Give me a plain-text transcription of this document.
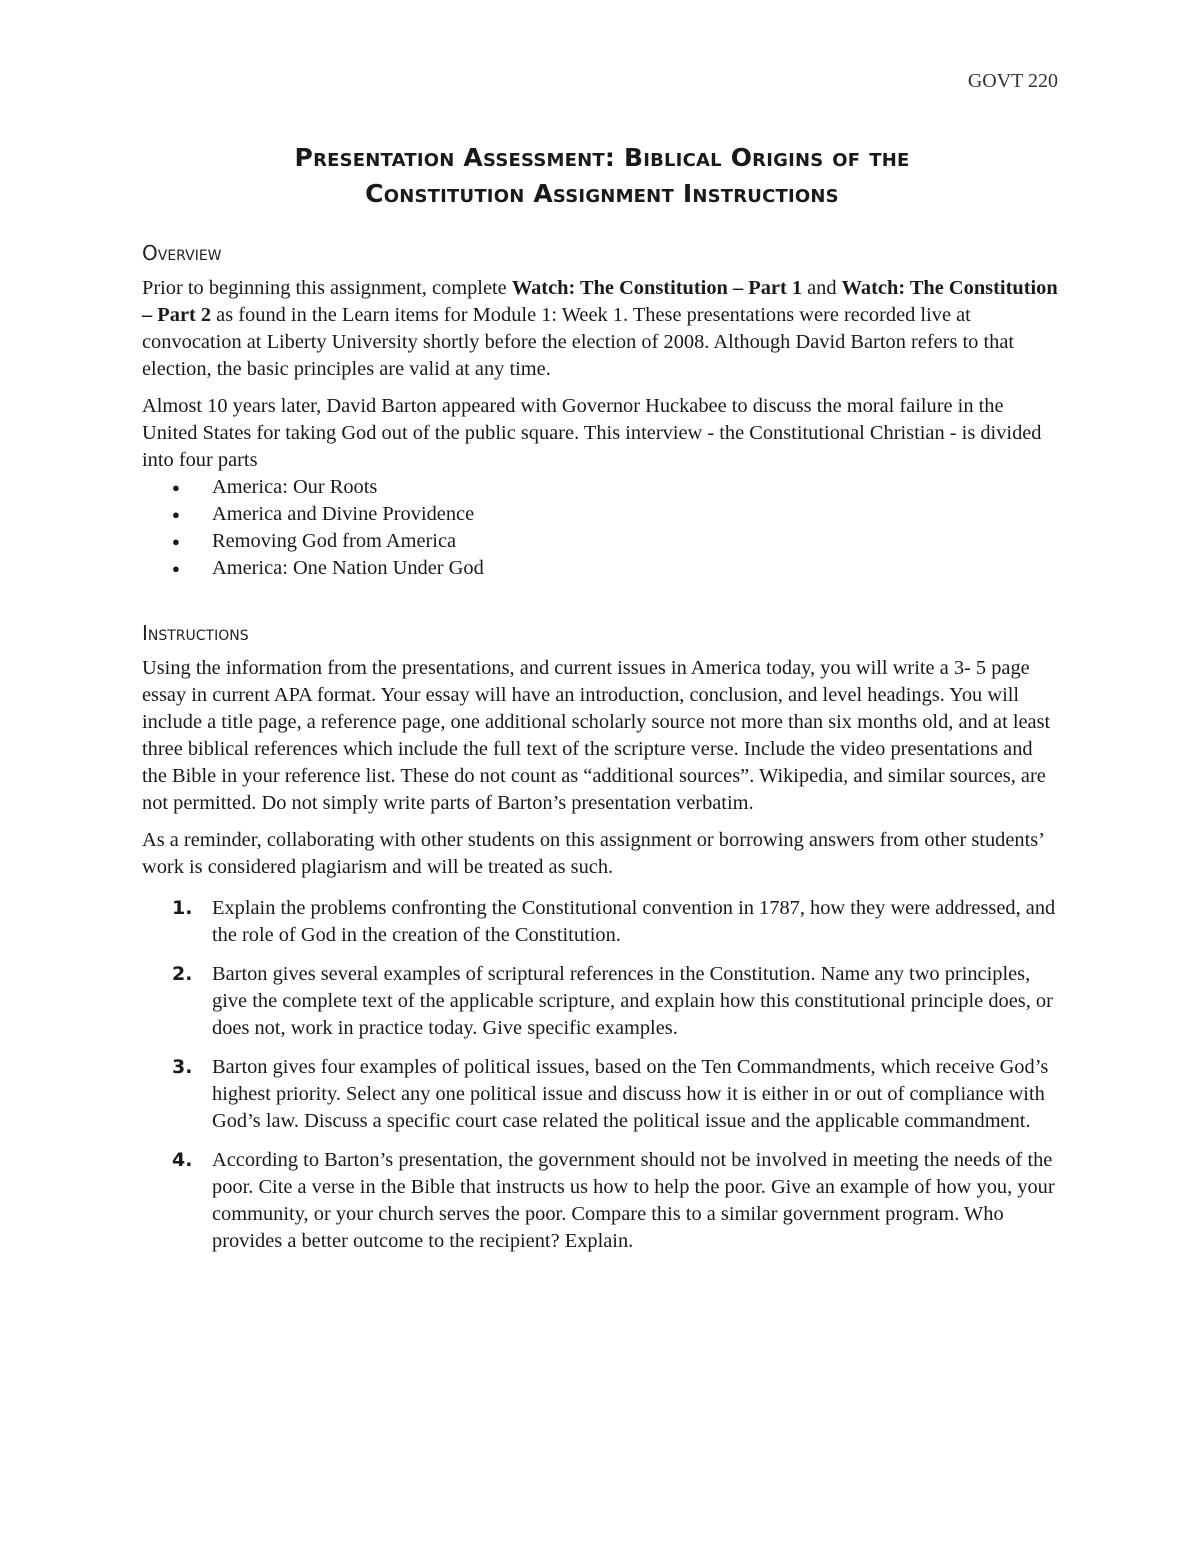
GOVT 220
Presentation Assessment: Biblical Origins of the
Constitution Assignment Instructions
Overview

Prior to beginning this assignment, complete Watch: The Constitution – Part 1 and Watch: The Constitution – Part 2 as found in the Learn items for Module 1: Week 1. These presentations were recorded live at convocation at Liberty University shortly before the election of 2008. Although David Barton refers to that election, the basic principles are valid at any time.

Almost 10 years later, David Barton appeared with Governor Huckabee to discuss the moral failure in the United States for taking God out of the public square. This interview - the Constitutional Christian - is divided into four parts

● America: Our Roots
● America and Divine Providence
● Removing God from America
● America: One Nation Under God
Instructions

Using the information from the presentations, and current issues in America today, you will write a 3- 5 page essay in current APA format. Your essay will have an introduction, conclusion, and level headings. You will include a title page, a reference page, one additional scholarly source not more than six months old, and at least three biblical references which include the full text of the scripture verse. Include the video presentations and the Bible in your reference list. These do not count as “additional sources”. Wikipedia, and similar sources, are not permitted. Do not simply write parts of Barton’s presentation verbatim.

As a reminder, collaborating with other students on this assignment or borrowing answers from other students’ work is considered plagiarism and will be treated as such.

1. Explain the problems confronting the Constitutional convention in 1787, how they were addressed, and the role of God in the creation of the Constitution.
2. Barton gives several examples of scriptural references in the Constitution. Name any two principles, give the complete text of the applicable scripture, and explain how this constitutional principle does, or does not, work in practice today. Give specific examples.
3. Barton gives four examples of political issues, based on the Ten Commandments, which receive God’s highest priority. Select any one political issue and discuss how it is either in or out of compliance with God’s law. Discuss a specific court case related the political issue and the applicable commandment.
4. According to Barton’s presentation, the government should not be involved in meeting the needs of the poor. Cite a verse in the Bible that instructs us how to help the poor. Give an example of how you, your community, or your church serves the poor. Compare this to a similar government program. Who provides a better outcome to the recipient? Explain.
